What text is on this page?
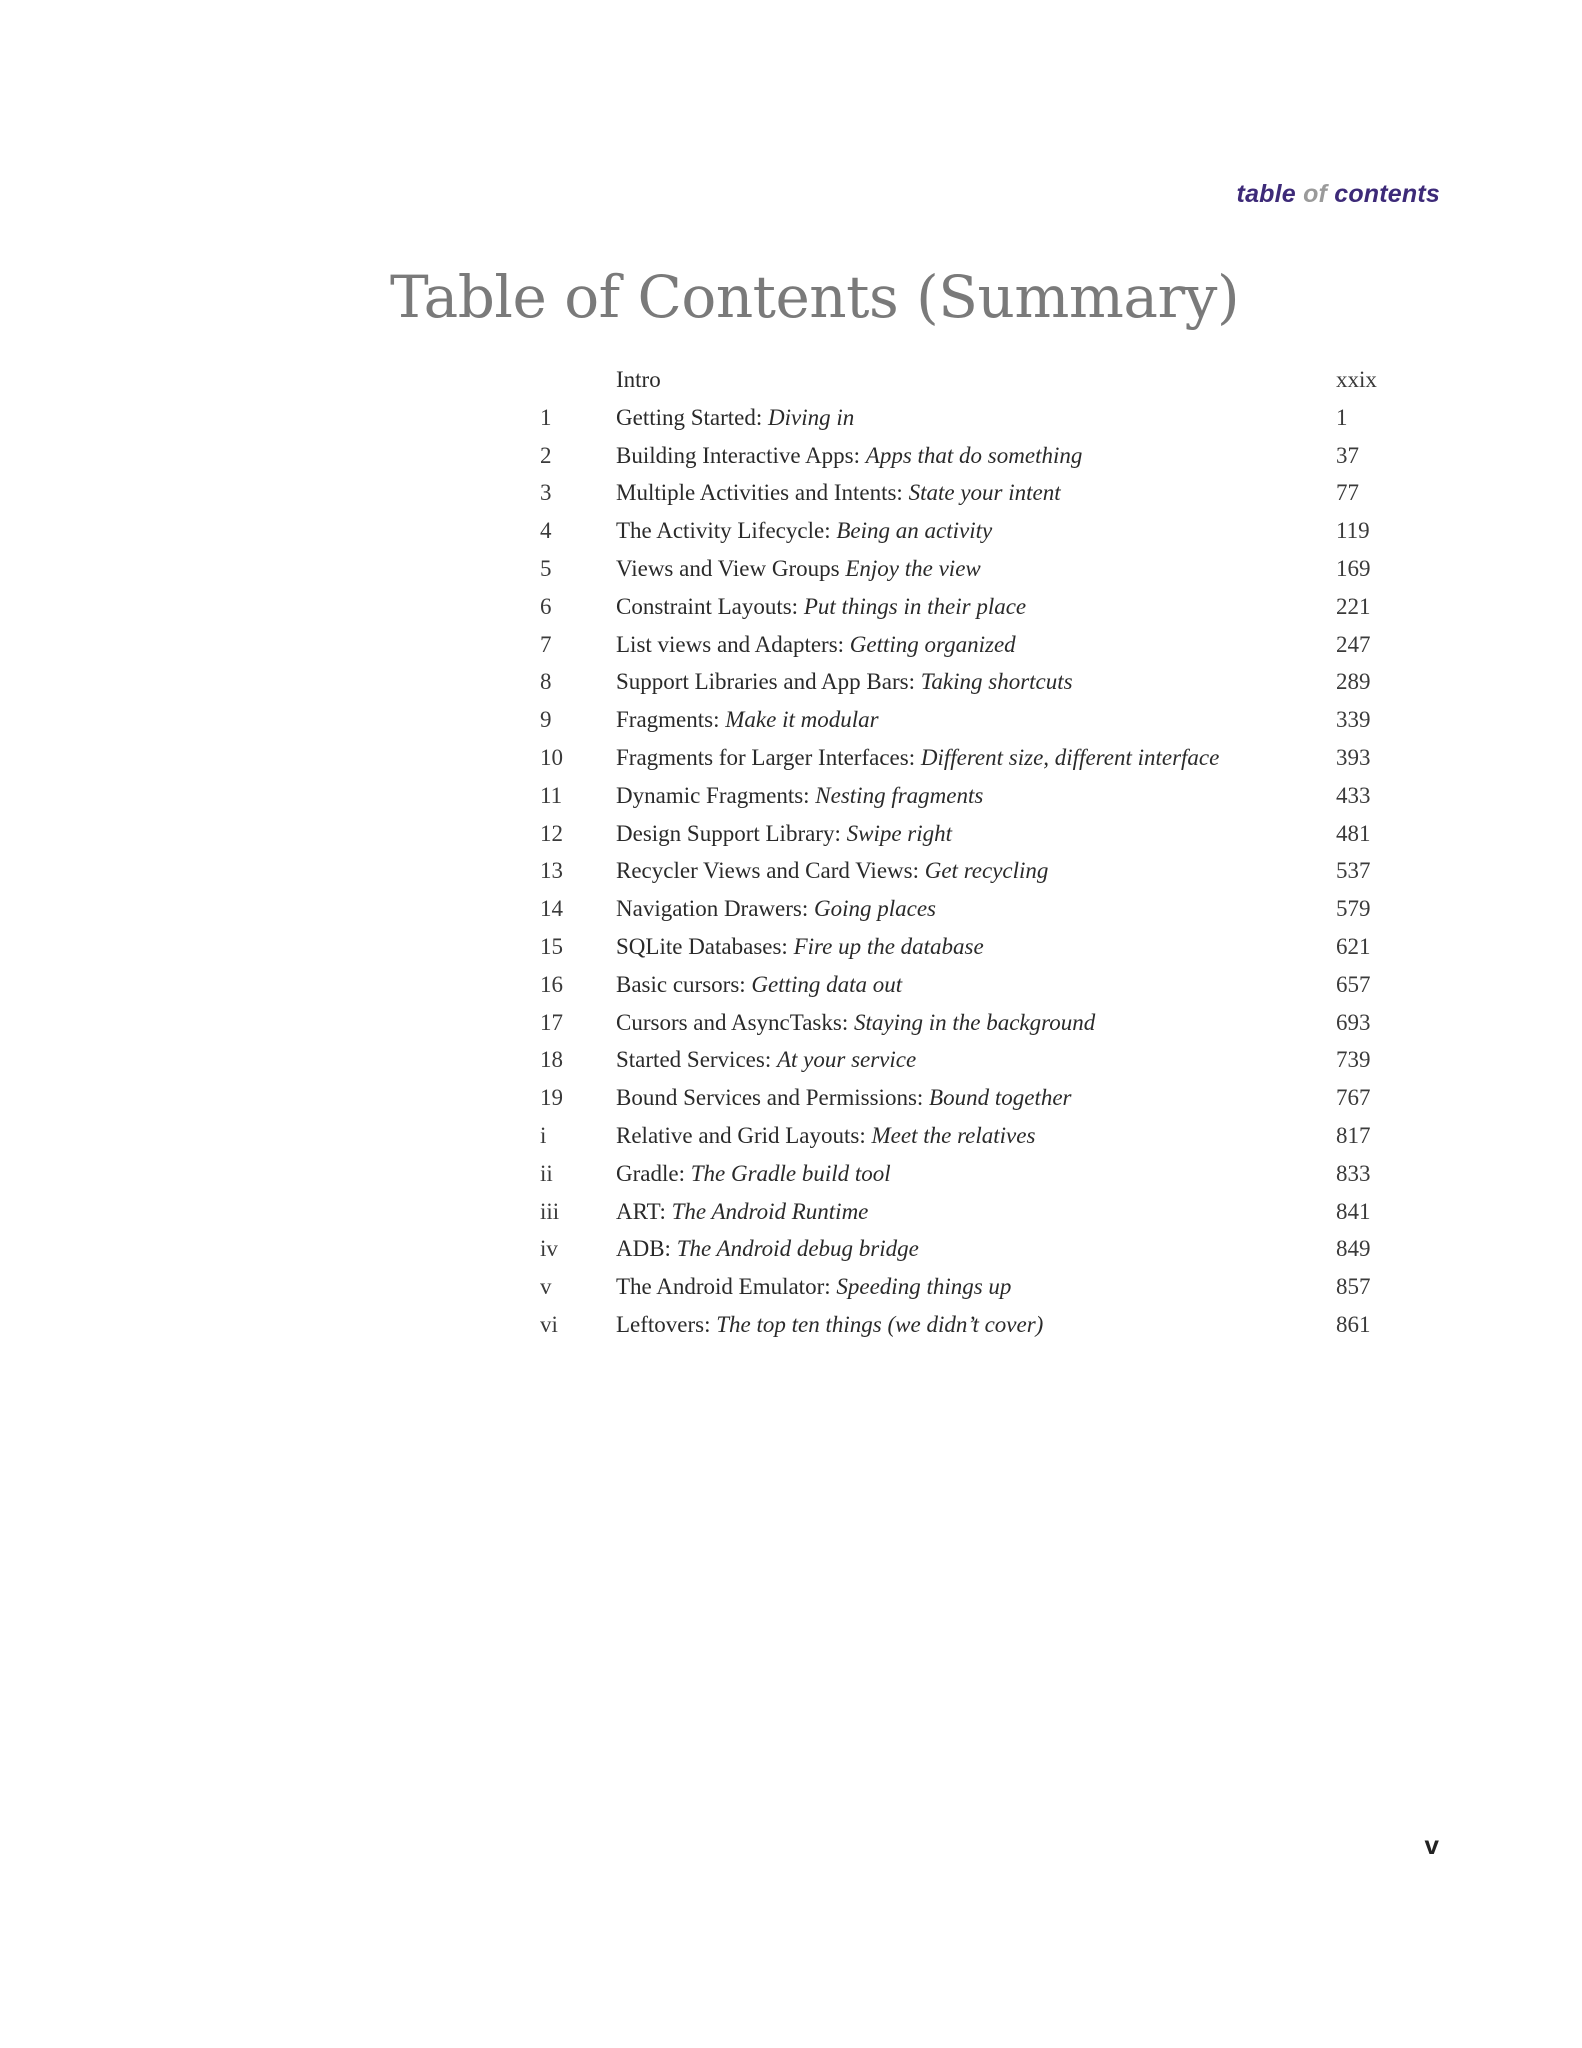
table of contents
Table of Contents (Summary)
Intro	xxix
1	Getting Started: Diving in	1
2	Building Interactive Apps: Apps that do something	37
3	Multiple Activities and Intents: State your intent	77
4	The Activity Lifecycle: Being an activity	119
5	Views and View Groups Enjoy the view	169
6	Constraint Layouts: Put things in their place	221
7	List views and Adapters: Getting organized	247
8	Support Libraries and App Bars: Taking shortcuts	289
9	Fragments: Make it modular	339
10	Fragments for Larger Interfaces: Different size, different interface	393
11	Dynamic Fragments: Nesting fragments	433
12	Design Support Library: Swipe right	481
13	Recycler Views and Card Views: Get recycling	537
14	Navigation Drawers: Going places	579
15	SQLite Databases: Fire up the database	621
16	Basic cursors: Getting data out	657
17	Cursors and AsyncTasks: Staying in the background	693
18	Started Services: At your service	739
19	Bound Services and Permissions: Bound together	767
i	Relative and Grid Layouts: Meet the relatives	817
ii	Gradle: The Gradle build tool	833
iii	ART: The Android Runtime	841
iv	ADB: The Android debug bridge	849
v	The Android Emulator: Speeding things up	857
vi	Leftovers: The top ten things (we didn’t cover)	861
v
